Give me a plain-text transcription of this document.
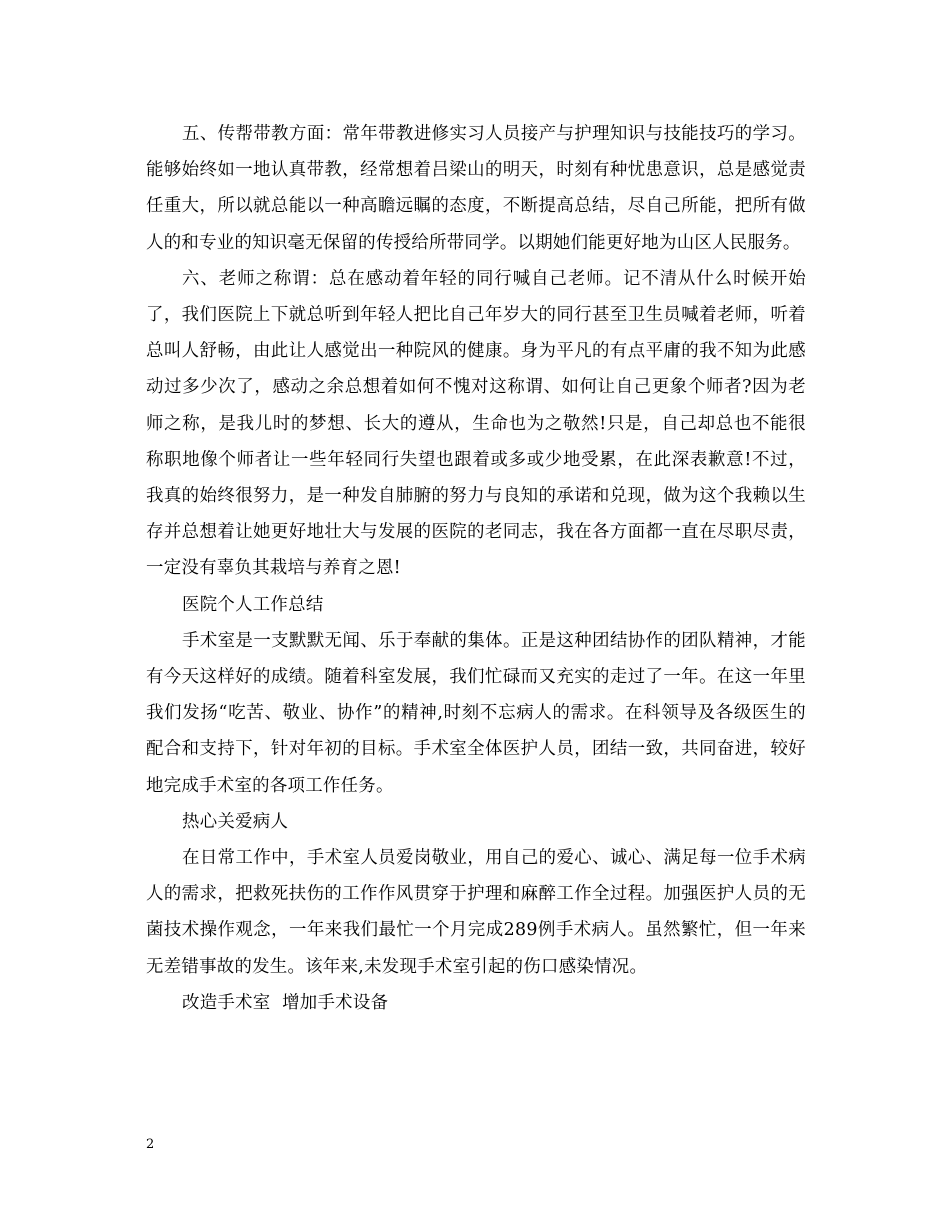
五、传帮带教方面：常年带教进修实习人员接产与护理知识与技能技巧的学习。能够始终如一地认真带教，经常想着吕梁山的明天，时刻有种忧患意识，总是感觉责任重大，所以就总能以一种高瞻远瞩的态度，不断提高总结，尽自己所能，把所有做人的和专业的知识毫无保留的传授给所带同学。以期她们能更好地为山区人民服务。

六、老师之称谓：总在感动着年轻的同行喊自己老师。记不清从什么时候开始了，我们医院上下就总听到年轻人把比自己年岁大的同行甚至卫生员喊着老师，听着总叫人舒畅，由此让人感觉出一种院风的健康。身为平凡的有点平庸的我不知为此感动过多少次了，感动之余总想着如何不愧对这称谓、如何让自己更象个师者?因为老师之称，是我儿时的梦想、长大的遵从，生命也为之敬然!只是，自己却总也不能很称职地像个师者让一些年轻同行失望也跟着或多或少地受累，在此深表歉意!不过，我真的始终很努力，是一种发自肺腑的努力与良知的承诺和兑现，做为这个我赖以生存并总想着让她更好地壮大与发展的医院的老同志，我在各方面都一直在尽职尽责，一定没有辜负其栽培与养育之恩!

医院个人工作总结

手术室是一支默默无闻、乐于奉献的集体。正是这种团结协作的团队精神，才能有今天这样好的成绩。随着科室发展，我们忙碌而又充实的走过了一年。在这一年里我们发扬“吃苦、敬业、协作”的精神,时刻不忘病人的需求。在科领导及各级医生的配合和支持下，针对年初的目标。手术室全体医护人员，团结一致，共同奋进，较好地完成手术室的各项工作任务。

热心关爱病人

在日常工作中，手术室人员爱岗敬业，用自己的爱心、诚心、满足每一位手术病人的需求，把救死扶伤的工作作风贯穿于护理和麻醉工作全过程。加强医护人员的无菌技术操作观念，一年来我们最忙一个月完成289例手术病人。虽然繁忙，但一年来无差错事故的发生。该年来,未发现手术室引起的伤口感染情况。

改造手术室  增加手术设备

2
